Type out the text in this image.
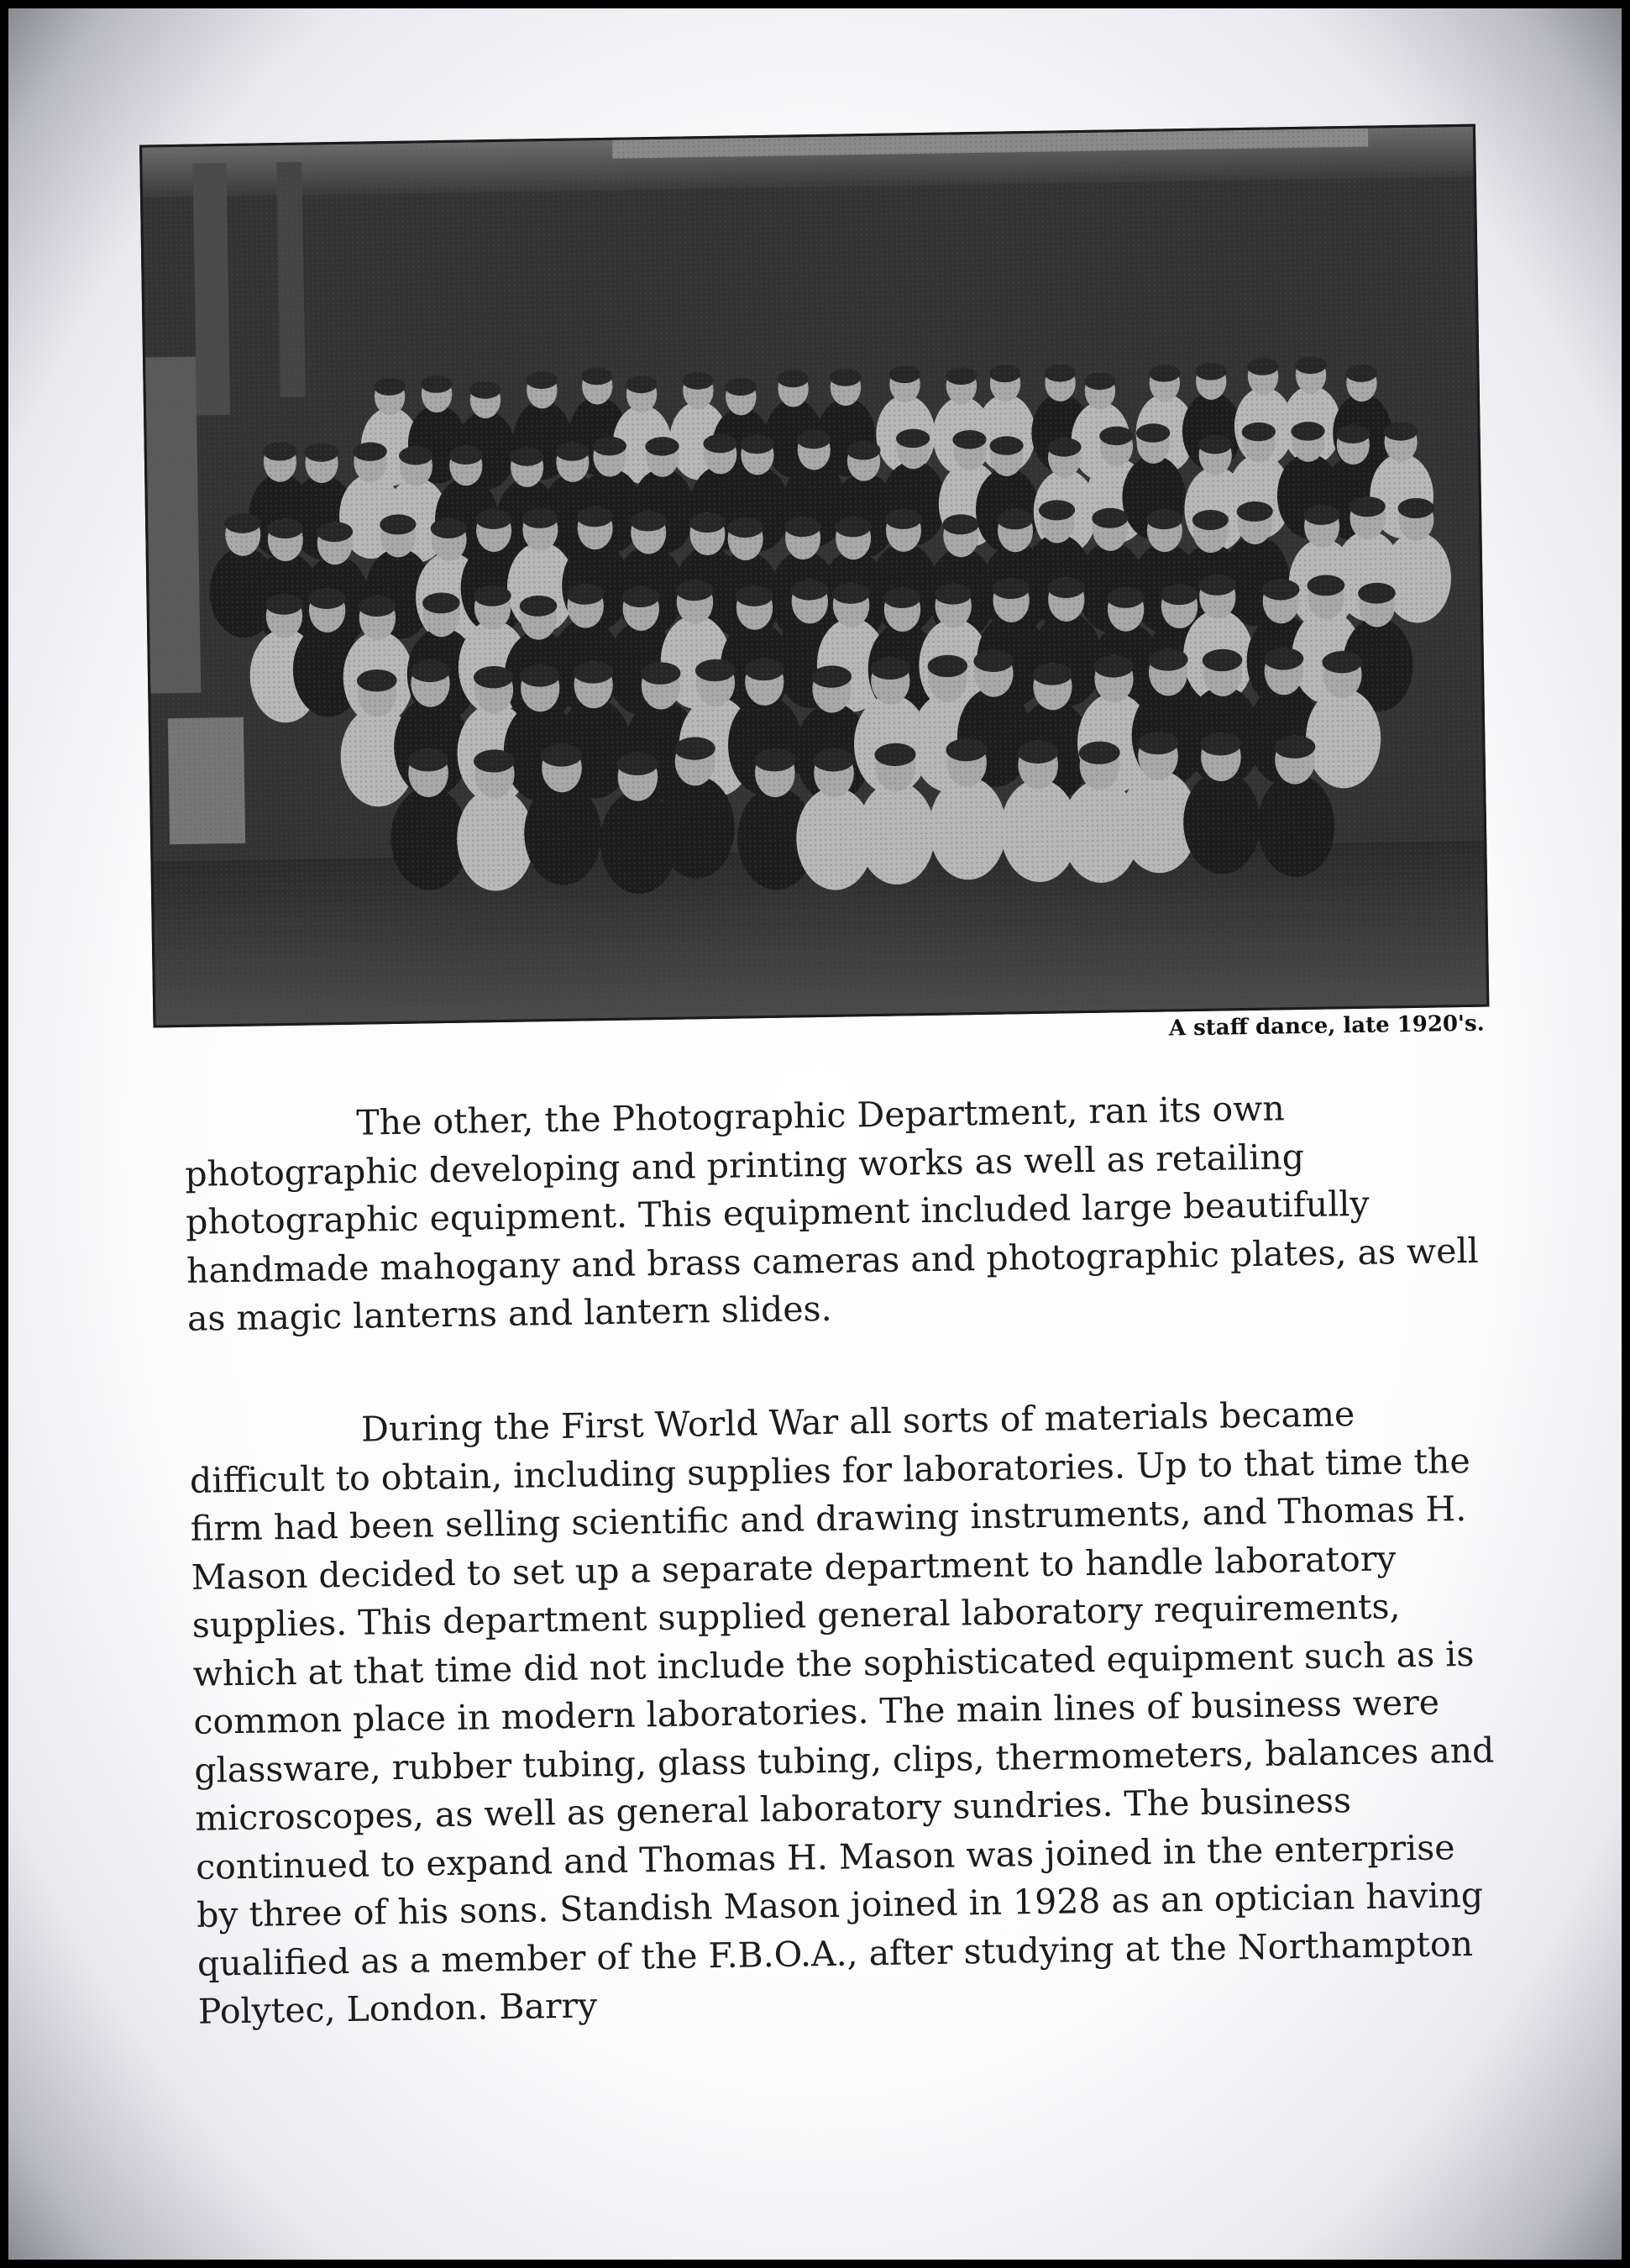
A staff dance, late 1920's.

The other, the Photographic Department, ran its own photographic developing and printing works as well as retailing photographic equipment. This equipment included large beautifully handmade mahogany and brass cameras and photographic plates, as well as magic lanterns and lantern slides.

During the First World War all sorts of materials became difficult to obtain, including supplies for laboratories. Up to that time the firm had been selling scientific and drawing instruments, and Thomas H. Mason decided to set up a separate department to handle laboratory supplies. This department supplied general laboratory requirements, which at that time did not include the sophisticated equipment such as is common place in modern laboratories. The main lines of business were glassware, rubber tubing, glass tubing, clips, thermometers, balances and microscopes, as well as general laboratory sundries. The business continued to expand and Thomas H. Mason was joined in the enterprise by three of his sons. Standish Mason joined in 1928 as an optician having qualified as a member of the F.B.O.A., after studying at the Northampton Polytec, London. Barry
